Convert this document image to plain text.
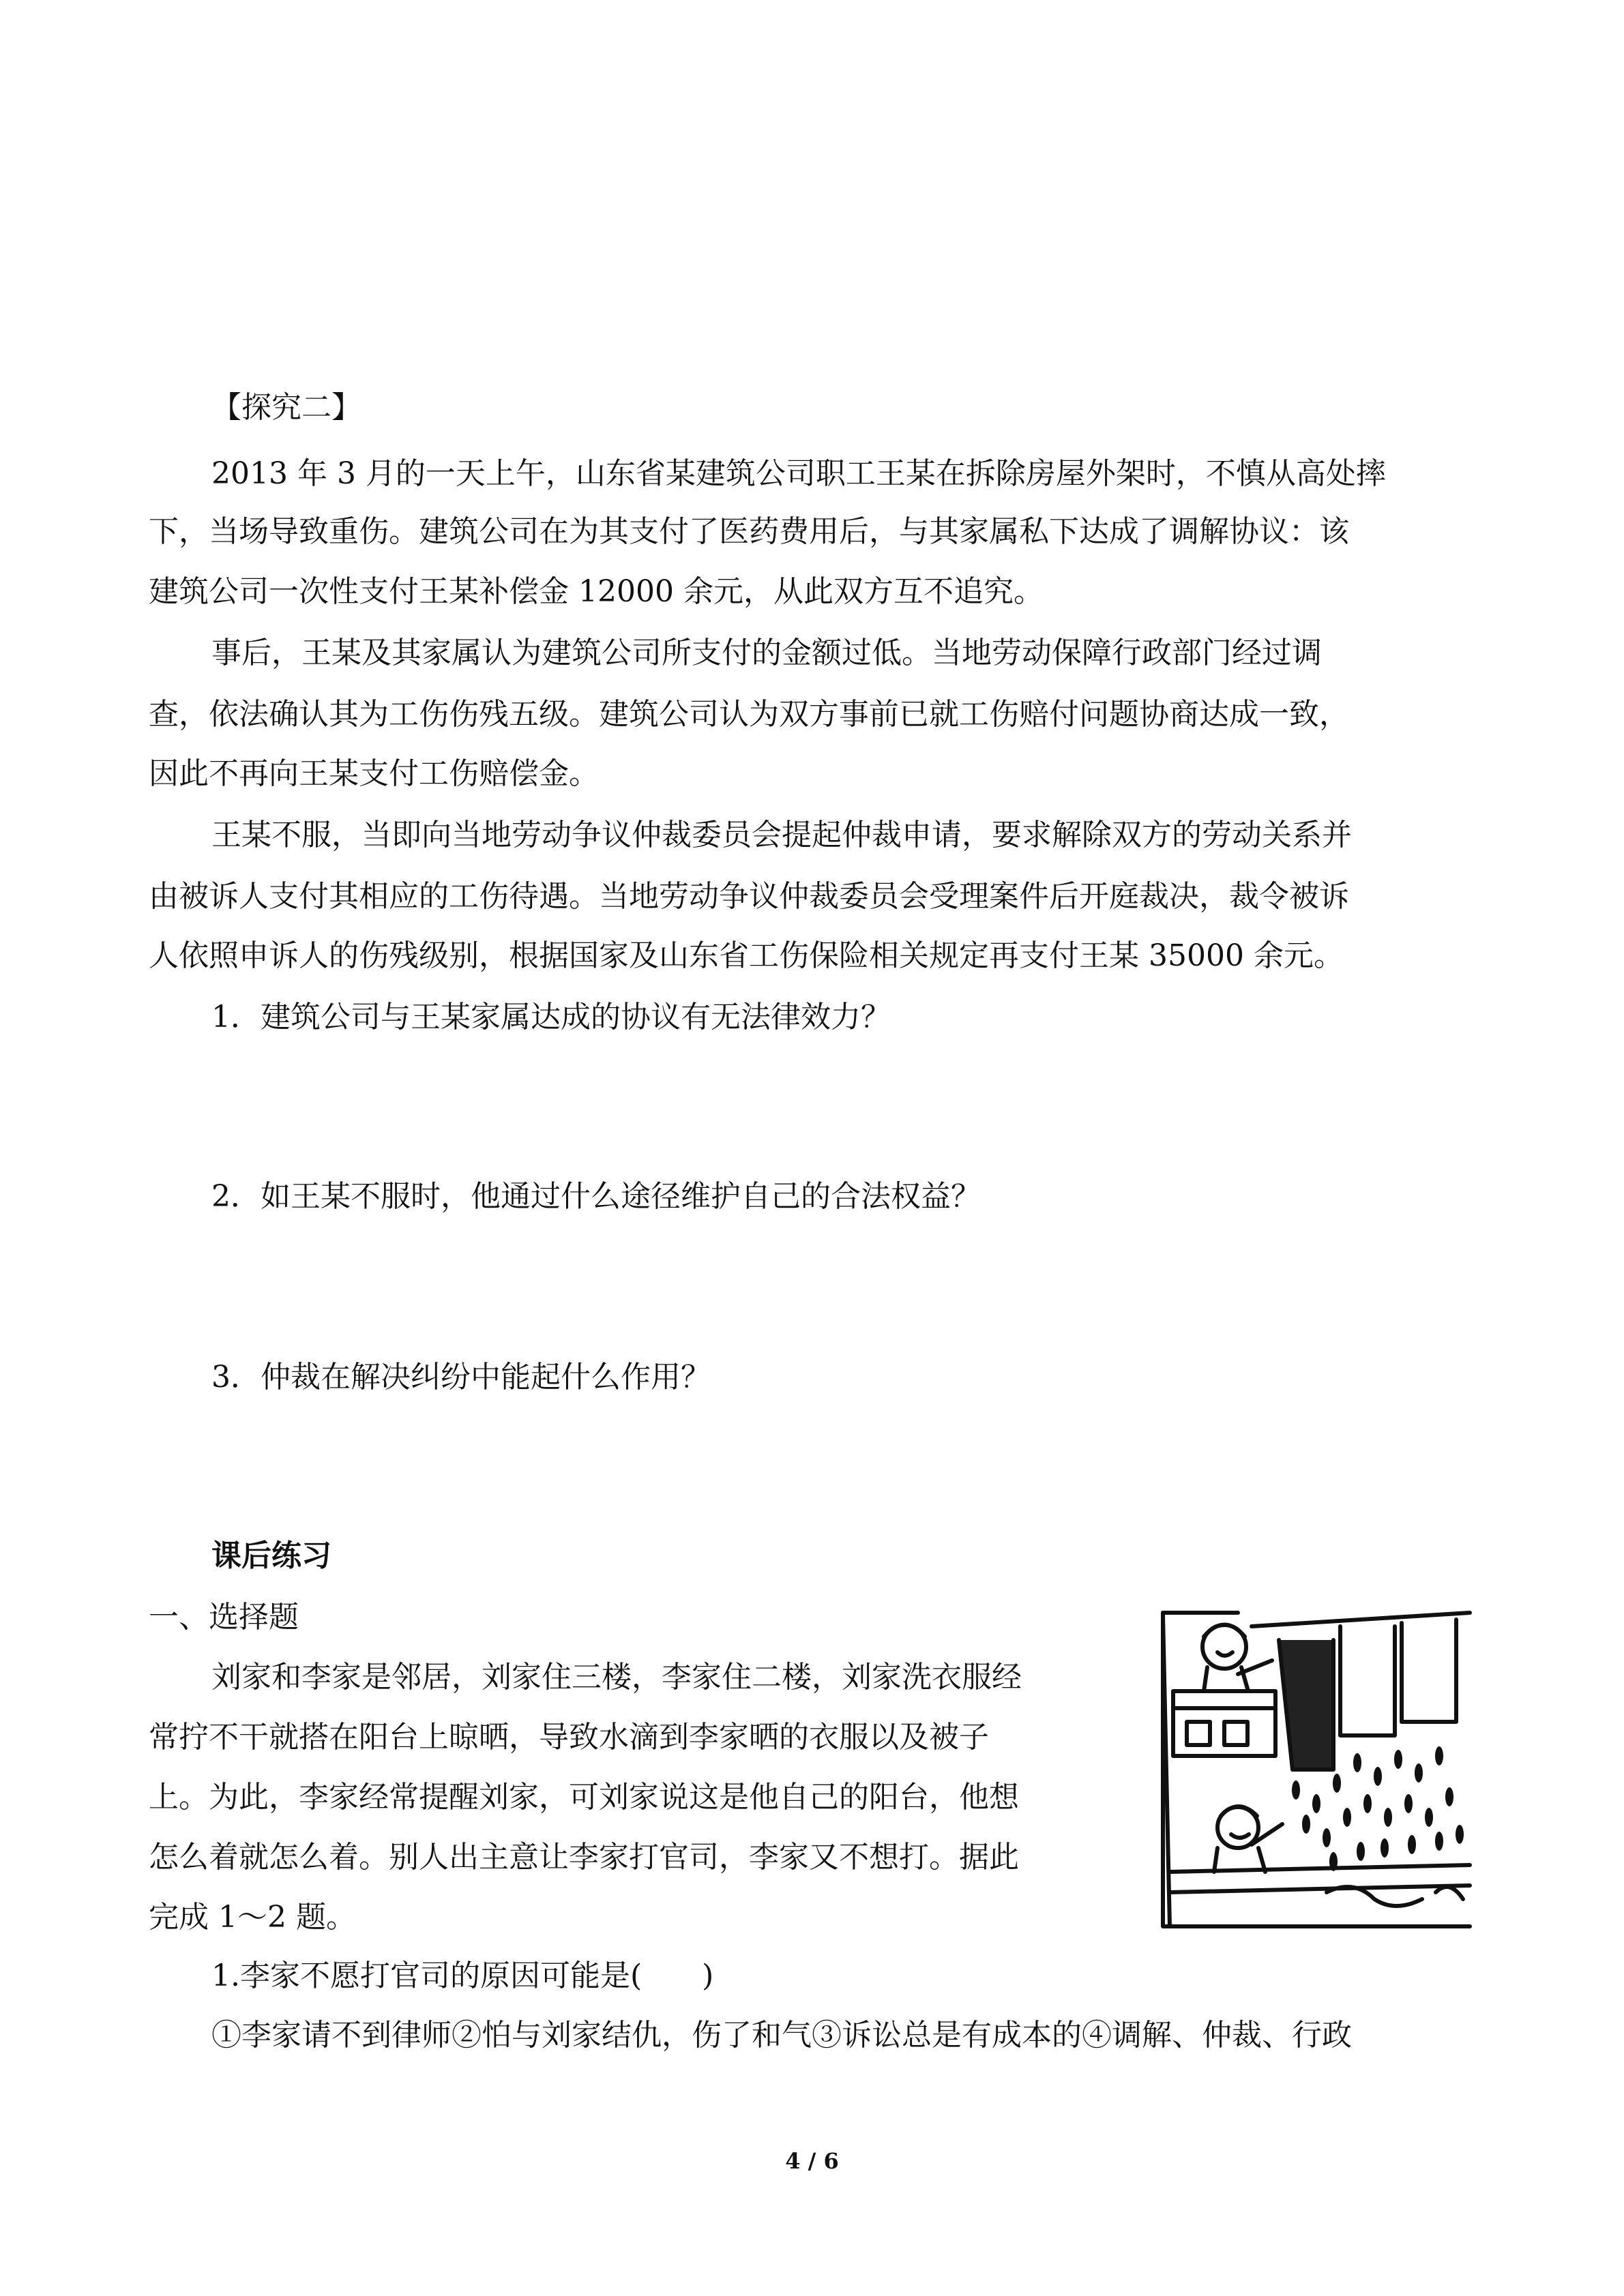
【探究二】
2013 年 3 月的一天上午，山东省某建筑公司职工王某在拆除房屋外架时，不慎从高处摔
下，当场导致重伤。建筑公司在为其支付了医药费用后，与其家属私下达成了调解协议：该
建筑公司一次性支付王某补偿金 12000 余元，从此双方互不追究。
事后，王某及其家属认为建筑公司所支付的金额过低。当地劳动保障行政部门经过调
查，依法确认其为工伤伤残五级。建筑公司认为双方事前已就工伤赔付问题协商达成一致，
因此不再向王某支付工伤赔偿金。
王某不服，当即向当地劳动争议仲裁委员会提起仲裁申请，要求解除双方的劳动关系并
由被诉人支付其相应的工伤待遇。当地劳动争议仲裁委员会受理案件后开庭裁决，裁令被诉
人依照申诉人的伤残级别，根据国家及山东省工伤保险相关规定再支付王某 35000 余元。
1．建筑公司与王某家属达成的协议有无法律效力？
2．如王某不服时，他通过什么途径维护自己的合法权益？
3．仲裁在解决纠纷中能起什么作用？
课后练习
一、选择题
刘家和李家是邻居，刘家住三楼，李家住二楼，刘家洗衣服经
常拧不干就搭在阳台上晾晒，导致水滴到李家晒的衣服以及被子
上。为此，李家经常提醒刘家，可刘家说这是他自己的阳台，他想
怎么着就怎么着。别人出主意让李家打官司，李家又不想打。据此
完成 1～2 题。
1.李家不愿打官司的原因可能是(　　)
①李家请不到律师②怕与刘家结仇，伤了和气③诉讼总是有成本的④调解、仲裁、行政
4 / 6
